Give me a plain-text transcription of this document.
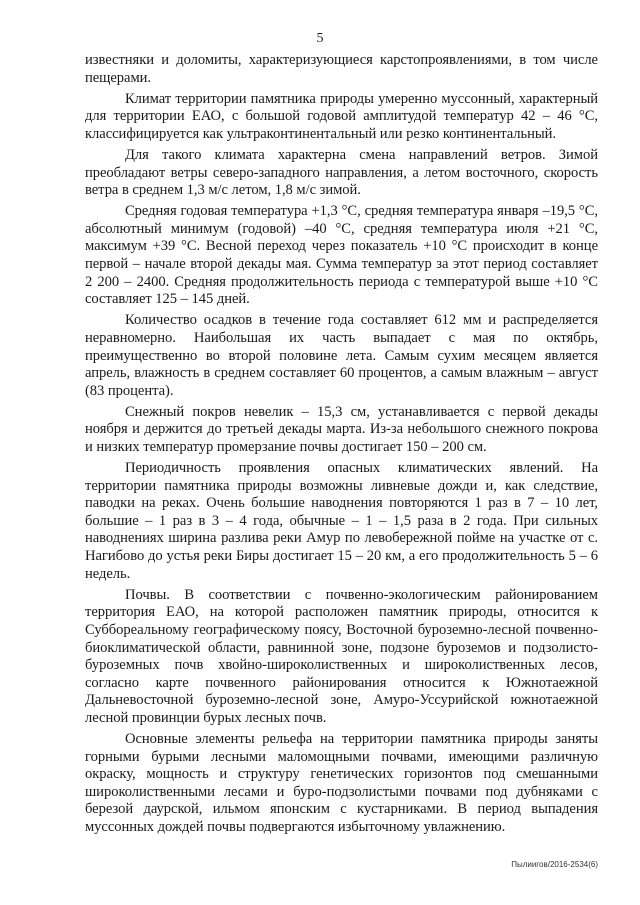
5

известняки и доломиты, характеризующиеся карстопроявлениями, в том числе пещерами.

Климат территории памятника природы умеренно муссонный, характерный для территории ЕАО, с большой годовой амплитудой температур 42 – 46 °С, классифицируется как ультраконтинентальный или резко континентальный.

Для такого климата характерна смена направлений ветров. Зимой преобладают ветры северо-западного направления, а летом восточного, скорость ветра в среднем 1,3 м/с летом, 1,8 м/с зимой.

Средняя годовая температура +1,3 °С, средняя температура января –19,5 °С, абсолютный минимум (годовой) –40 °С, средняя температура июля +21 °С, максимум +39 °С. Весной переход через показатель +10 °С происходит в конце первой – начале второй декады мая. Сумма температур за этот период составляет 2 200 – 2400. Средняя продолжительность периода с температурой выше +10 °С составляет 125 – 145 дней.

Количество осадков в течение года составляет 612 мм и распределяется неравномерно. Наибольшая их часть выпадает с мая по октябрь, преимущественно во второй половине лета. Самым сухим месяцем является апрель, влажность в среднем составляет 60 процентов, а самым влажным – август (83 процента).

Снежный покров невелик – 15,3 см, устанавливается с первой декады ноября и держится до третьей декады марта. Из-за небольшого снежного покрова и низких температур промерзание почвы достигает 150 – 200 см.

Периодичность проявления опасных климатических явлений. На территории памятника природы возможны ливневые дожди и, как следствие, паводки на реках. Очень большие наводнения повторяются 1 раз в 7 – 10 лет, большие – 1 раз в 3 – 4 года, обычные – 1 – 1,5 раза в 2 года. При сильных наводнениях ширина разлива реки Амур по левобережной пойме на участке от с. Нагибово до устья реки Биры достигает 15 – 20 км, а его продолжительность 5 – 6 недель.

Почвы. В соответствии с почвенно-экологическим районированием территория ЕАО, на которой расположен памятник природы, относится к Суббореальному географическому поясу, Восточной буроземно-лесной почвенно-биоклиматической области, равнинной зоне, подзоне буроземов и подзолисто-буроземных почв хвойно-широколиственных и широколиственных лесов, согласно карте почвенного районирования относится к Южнотаежной Дальневосточной буроземно-лесной зоне, Амуро-Уссурийской южнотаежной лесной провинции бурых лесных почв.

Основные элементы рельефа на территории памятника природы заняты горными бурыми лесными маломощными почвами, имеющими различную окраску, мощность и структуру генетических горизонтов под смешанными широколиственными лесами и буро-подзолистыми почвами под дубняками с березой даурской, ильмом японским с кустарниками. В период выпадения муссонных дождей почвы подвергаются избыточному увлажнению.

Пылиигов/2016-2534(6)
